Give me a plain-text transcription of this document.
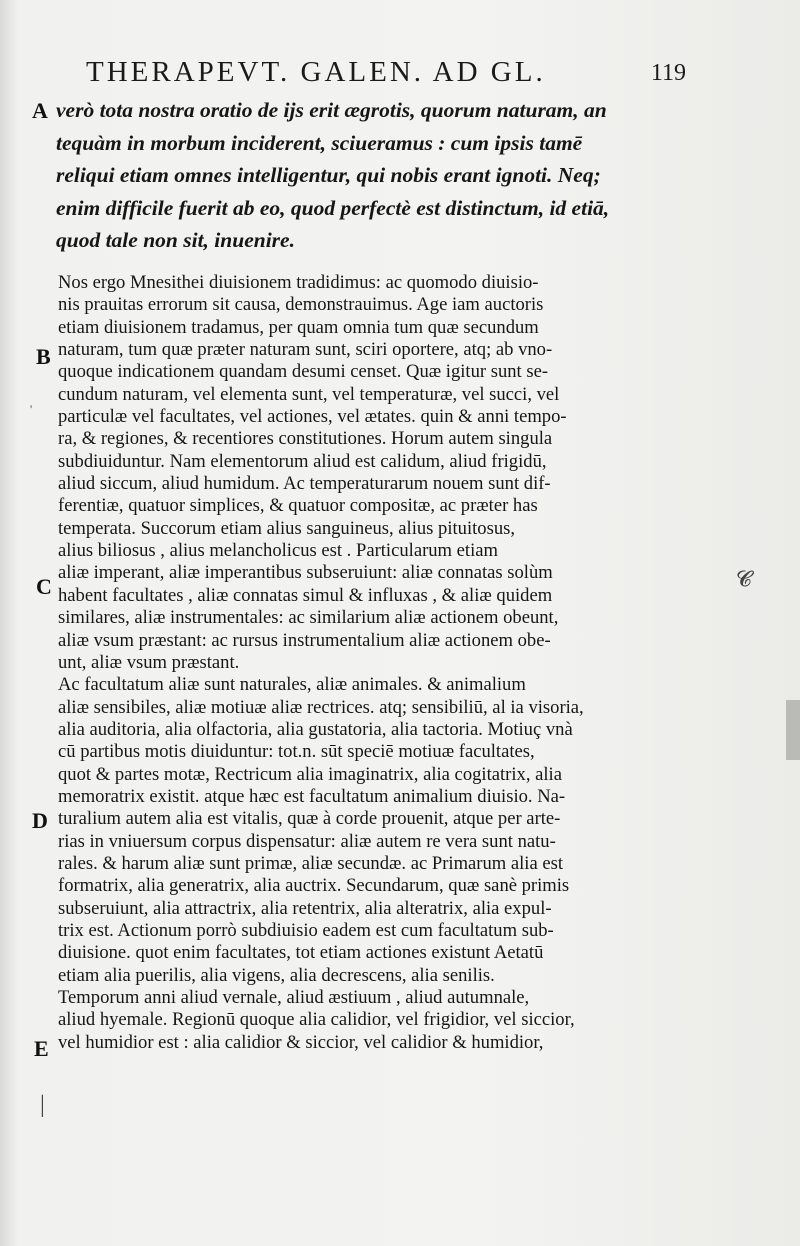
THERAPEVT. GALEN. AD GL.	119
A
B
C
D
E
verò tota nostra oratio de ijs erit ægrotis, quorum naturam, an
tequàm in morbum inciderent, sciueramus : cum ipsis tamē
reliqui etiam omnes intelligentur, qui nobis erant ignoti. Neq;
enim difficile fuerit ab eo, quod perfectè est distinctum, id etiā,
quod tale non sit, inuenire.
Nos ergo Mnesithei diuisionem tradidimus: ac quomodo diuisio-
nis prauitas errorum sit causa, demonstrauimus. Age iam auctoris
etiam diuisionem tradamus, per quam omnia tum quæ secundum
naturam, tum quæ præter naturam sunt, sciri oportere, atq; ab vno-
quoque indicationem quandam desumi censet. Quæ igitur sunt se-
cundum naturam, vel elementa sunt, vel temperaturæ, vel succi, vel
particulæ vel facultates, vel actiones, vel ætates. quin & anni tempo-
ra, & regiones, & recentiores constitutiones. Horum autem singula
subdiuiduntur. Nam elementorum aliud est calidum, aliud frigidū,
aliud siccum, aliud humidum. Ac temperaturarum nouem sunt dif-
ferentiæ, quatuor simplices, & quatuor compositæ, ac præter has
temperata. Succorum etiam alius sanguineus, alius pituitosus,
alius biliosus , alius melancholicus est . Particularum etiam
aliæ imperant, aliæ imperantibus subseruiunt: aliæ connatas solùm
habent facultates , aliæ connatas simul & influxas , & aliæ quidem
similares, aliæ instrumentales: ac similarium aliæ actionem obeunt,
aliæ vsum præstant: ac rursus instrumentalium aliæ actionem obe-
unt, aliæ vsum præstant.
Ac facultatum aliæ sunt naturales, aliæ animales. & animalium
aliæ sensibiles, aliæ motiuæ aliæ rectrices. atq; sensibiliū, al ia visoria,
alia auditoria, alia olfactoria, alia gustatoria, alia tactoria. Motiuç vnà
cū partibus motis diuiduntur: tot.n. sūt speciē motiuæ facultates,
quot & partes motæ, Rectricum alia imaginatrix, alia cogitatrix, alia
memoratrix existit. atque hæc est facultatum animalium diuisio. Na-
turalium autem alia est vitalis, quæ à corde prouenit, atque per arte-
rias in vniuersum corpus dispensatur: aliæ autem re vera sunt natu-
rales. & harum aliæ sunt primæ, aliæ secundæ. ac Primarum alia est
formatrix, alia generatrix, alia auctrix. Secundarum, quæ sanè primis
subseruiunt, alia attractrix, alia retentrix, alia alteratrix, alia expul-
trix est. Actionum porrò subdiuisio eadem est cum facultatum sub-
diuisione. quot enim facultates, tot etiam actiones existunt Aetatū
etiam alia puerilis, alia vigens, alia decrescens, alia senilis.
Temporum anni aliud vernale, aliud æstiuum , aliud autumnale,
aliud hyemale. Regionū quoque alia calidior, vel frigidior, vel siccior,
vel humidior est : alia calidior & siccior, vel calidior & humidior,
'
𝓒
|
